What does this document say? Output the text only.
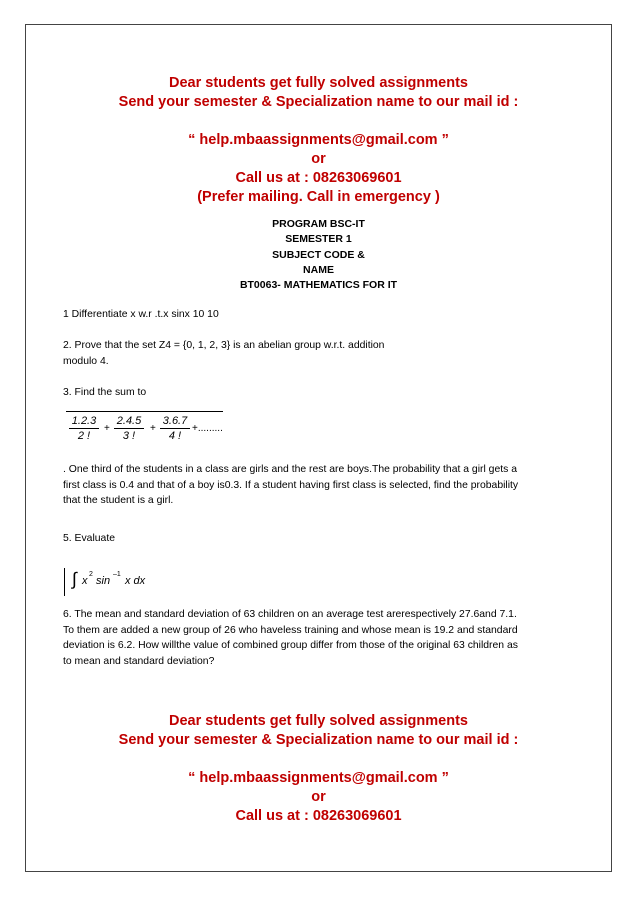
Dear students get fully solved assignments
Send your semester & Specialization name to our mail id :
“ help.mbaassignments@gmail.com ”
or
Call us at : 08263069601
(Prefer mailing. Call in emergency )
PROGRAM BSC-IT
SEMESTER 1
SUBJECT CODE &
NAME
BT0063- MATHEMATICS FOR IT

1 Differentiate x w.r .t.x sinx 10 10

2. Prove that the set Z4 = {0, 1, 2, 3} is an abelian group w.r.t. addition

modulo 4.

3. Find the sum to

1.2.3
2 !
+
2.4.5
3 !
+
3.6.7
4 !
+.........

. One third of the students in a class are girls and the rest are boys.The probability that a girl gets a

first class is 0.4 and that of a boy is0.3. If a student having first class is selected, find the probability

that the student is a girl.

5. Evaluate

∫ x
2
sin
–1
x dx

6. The mean and standard deviation of 63 children on an average test arerespectively 27.6and 7.1.

To them are added a new group of 26 who haveless training and whose mean is 19.2 and standard

deviation is 6.2. How willthe value of combined group differ from those of the original 63 children as

to mean and standard deviation?

Dear students get fully solved assignments
Send your semester & Specialization name to our mail id :
“ help.mbaassignments@gmail.com ”
or
Call us at : 08263069601
